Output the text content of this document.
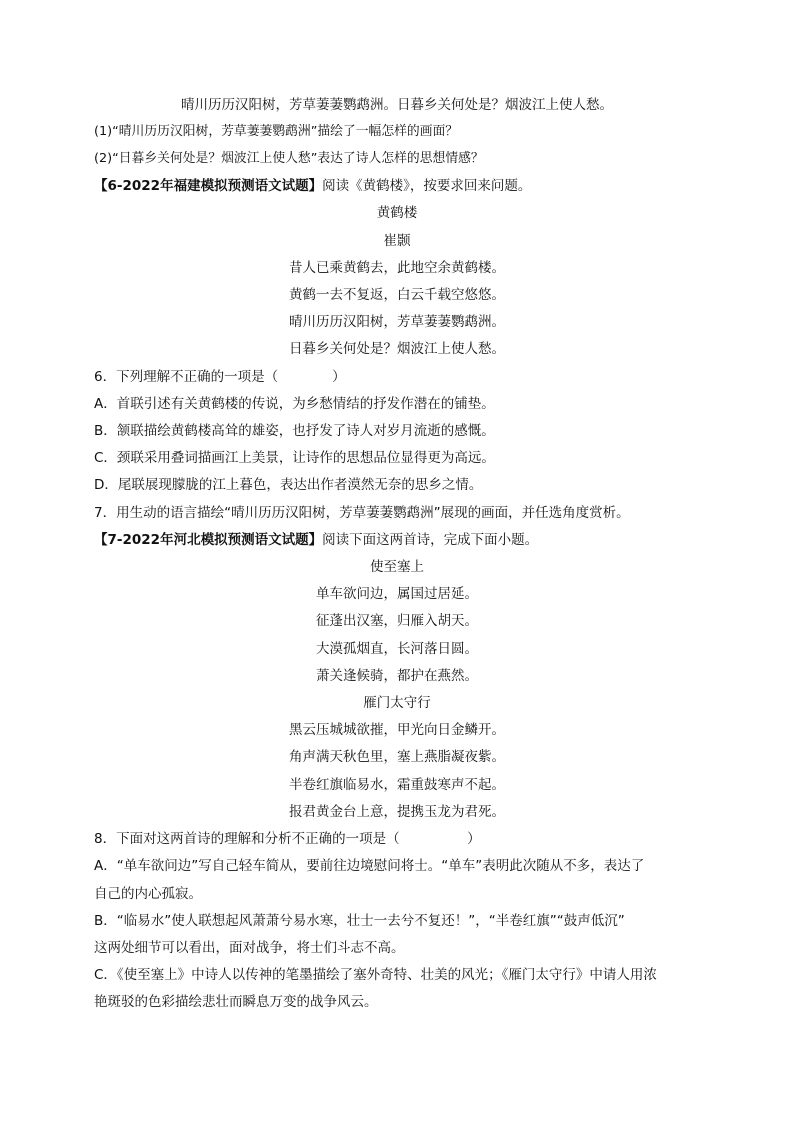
晴川历历汉阳树，芳草萋萋鹦鹉洲。日暮乡关何处是？烟波江上使人愁。
(1)“晴川历历汉阳树，芳草萋萋鹦鹉洲”描绘了一幅怎样的画面？
(2)“日暮乡关何处是？烟波江上使人愁”表达了诗人怎样的思想情感？
【6-2022年福建模拟预测语文试题】阅读《黄鹤楼》，按要求回来问题。
黄鹤楼
崔颢
昔人已乘黄鹤去，此地空余黄鹤楼。
黄鹤一去不复返，白云千载空悠悠。
晴川历历汉阳树，芳草萋萋鹦鹉洲。
日暮乡关何处是？烟波江上使人愁。
6．下列理解不正确的一项是（　　　　）
A．首联引述有关黄鹤楼的传说，为乡愁情结的抒发作潜在的铺垫。
B．颔联描绘黄鹤楼高耸的雄姿，也抒发了诗人对岁月流逝的感慨。
C．颈联采用叠词描画江上美景，让诗作的思想品位显得更为高远。
D．尾联展现朦胧的江上暮色，表达出作者漠然无奈的思乡之情。
7．用生动的语言描绘“晴川历历汉阳树，芳草萋萋鹦鹉洲”展现的画面，并任选角度赏析。
【7-2022年河北模拟预测语文试题】阅读下面这两首诗，完成下面小题。
使至塞上
单车欲问边，属国过居延。
征蓬出汉塞，归雁入胡天。
大漠孤烟直，长河落日圆。
萧关逢候骑，都护在燕然。
雁门太守行
黑云压城城欲摧，甲光向日金鳞开。
角声满天秋色里，塞上燕脂凝夜紫。
半卷红旗临易水，霜重鼓寒声不起。
报君黄金台上意，提携玉龙为君死。
8．下面对这两首诗的理解和分析不正确的一项是（　　　　　）
A．“单车欲问边”写自己轻车简从，要前往边境慰问将士。“单车”表明此次随从不多，表达了
自己的内心孤寂。
B．“临易水”使人联想起风萧萧兮易水寒，壮士一去兮不复还！”，“半卷红旗”“鼓声低沉”
这两处细节可以看出，面对战争，将士们斗志不高。
C．《使至塞上》中诗人以传神的笔墨描绘了塞外奇特、壮美的风光；《雁门太守行》中请人用浓
艳斑驳的色彩描绘悲壮而瞬息万变的战争风云。
